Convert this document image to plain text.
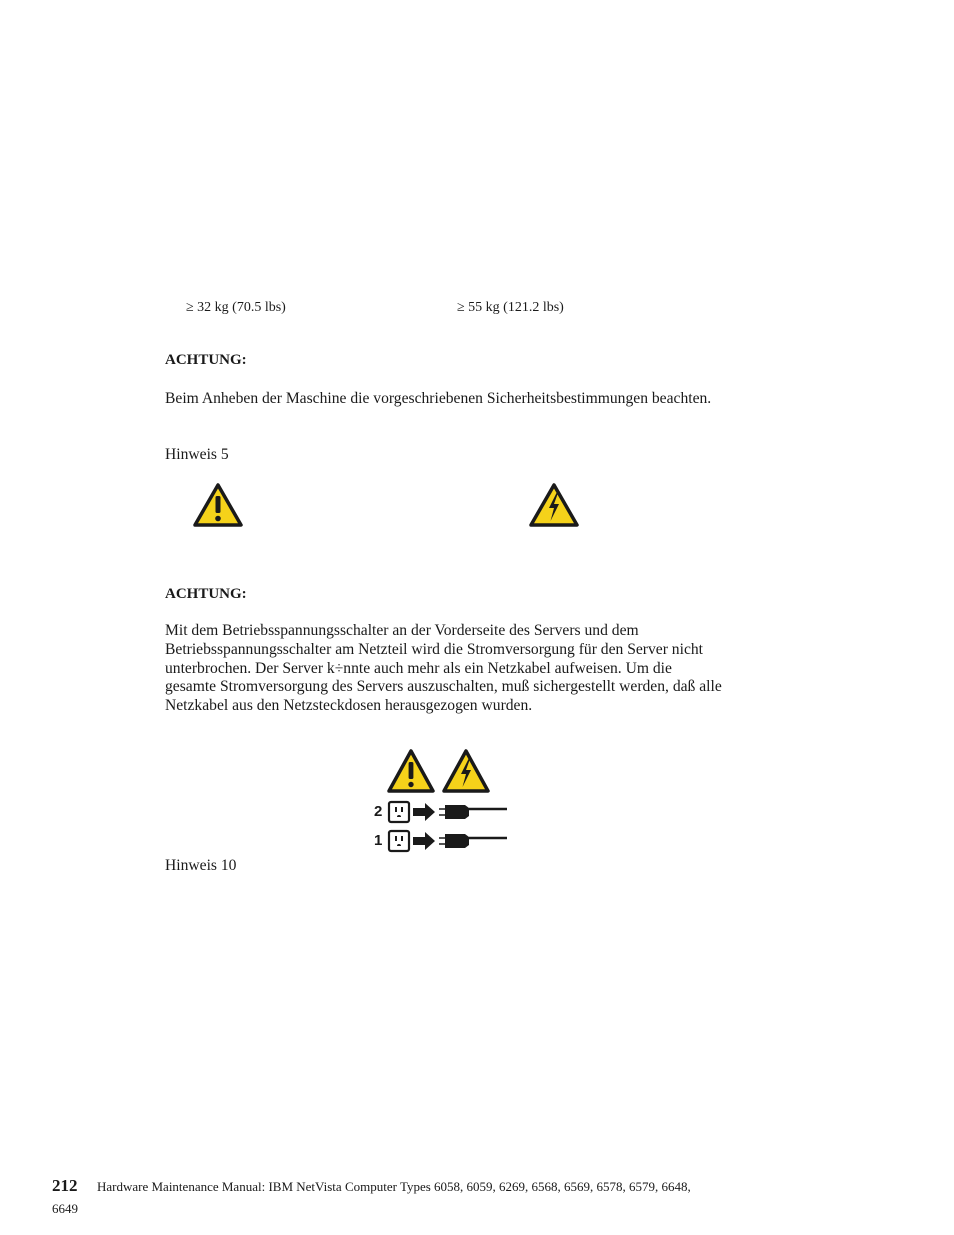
≥ 32 kg (70.5 lbs)	≥ 55 kg (121.2 lbs)
ACHTUNG:
Beim Anheben der Maschine die vorgeschriebenen Sicherheitsbestimmungen beachten.
Hinweis 5
ACHTUNG:
Mit dem Betriebsspannungsschalter an der Vorderseite des Servers und dem Betriebsspannungsschalter am Netzteil wird die Stromversorgung für den Server nicht unterbrochen. Der Server k÷nnte auch mehr als ein Netzkabel aufweisen. Um die gesamte Stromversorgung des Servers auszuschalten, muß sichergestellt werden, daß alle Netzkabel aus den Netzsteckdosen herausgezogen wurden.
2
1
Hinweis 10
212 Hardware Maintenance Manual: IBM NetVista Computer Types 6058, 6059, 6269, 6568, 6569, 6578, 6579, 6648,
6649
